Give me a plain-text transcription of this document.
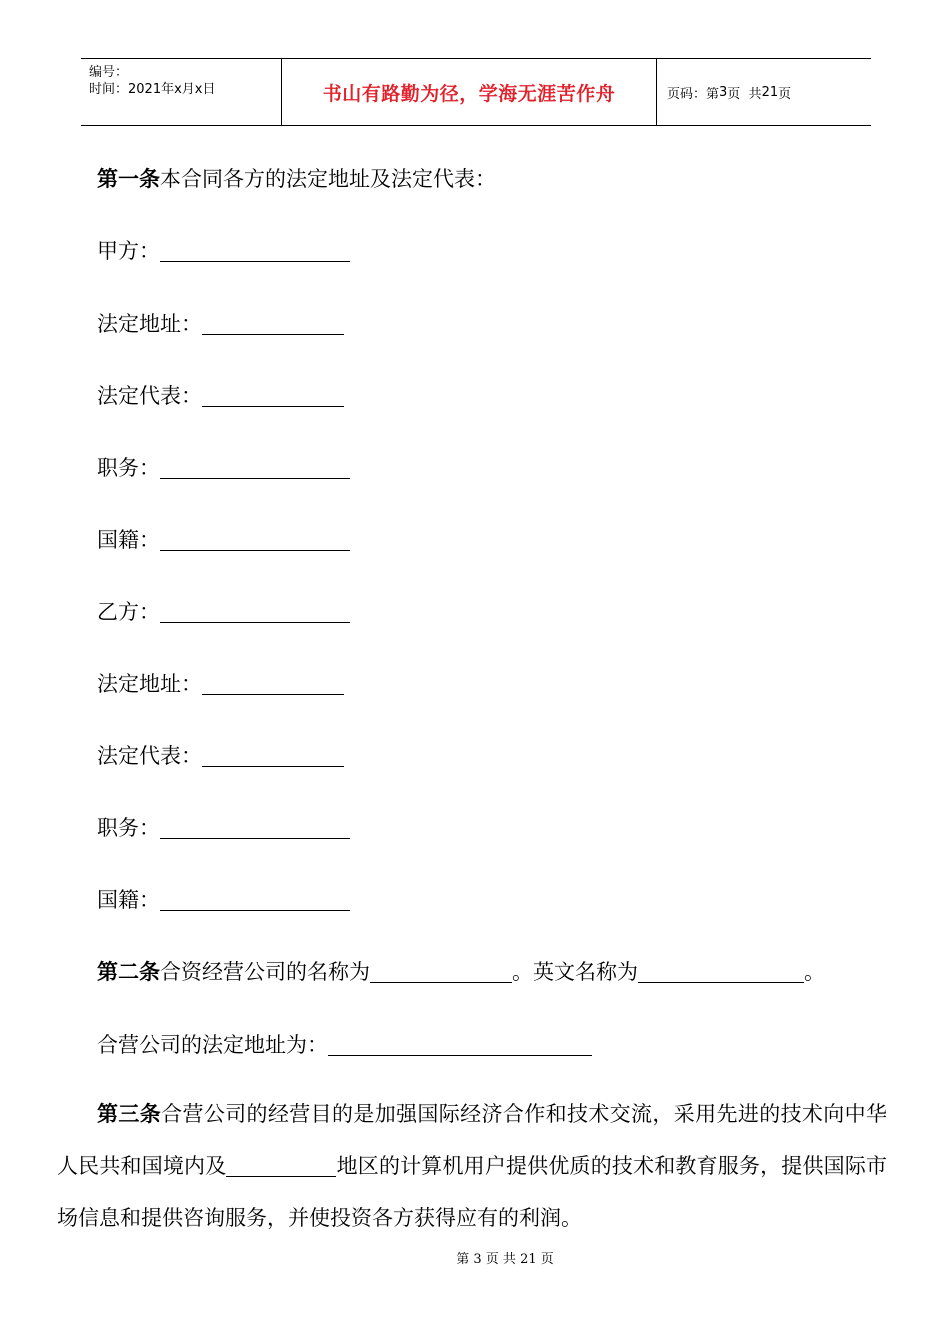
编号：
时间：2021年x月x日	书山有路勤为径，学海无涯苦作舟	页码：第 3 页  共 21 页
第一条本合同各方的法定地址及法定代表：
甲方：
法定地址：
法定代表：
职务：
国籍：
乙方：
法定地址：
法定代表：
职务：
国籍：
第二条合资经营公司的名称为	。英文名称为	。
合营公司的法定地址为：

第三条合营公司的经营目的是加强国际经济合作和技术交流，采用先进的技术向中华人民共和国境内及	地区的计算机用户提供优质的技术和教育服务，提供国际市场信息和提供咨询服务，并使投资各方获得应有的利润。

第 3 页 共 21 页
